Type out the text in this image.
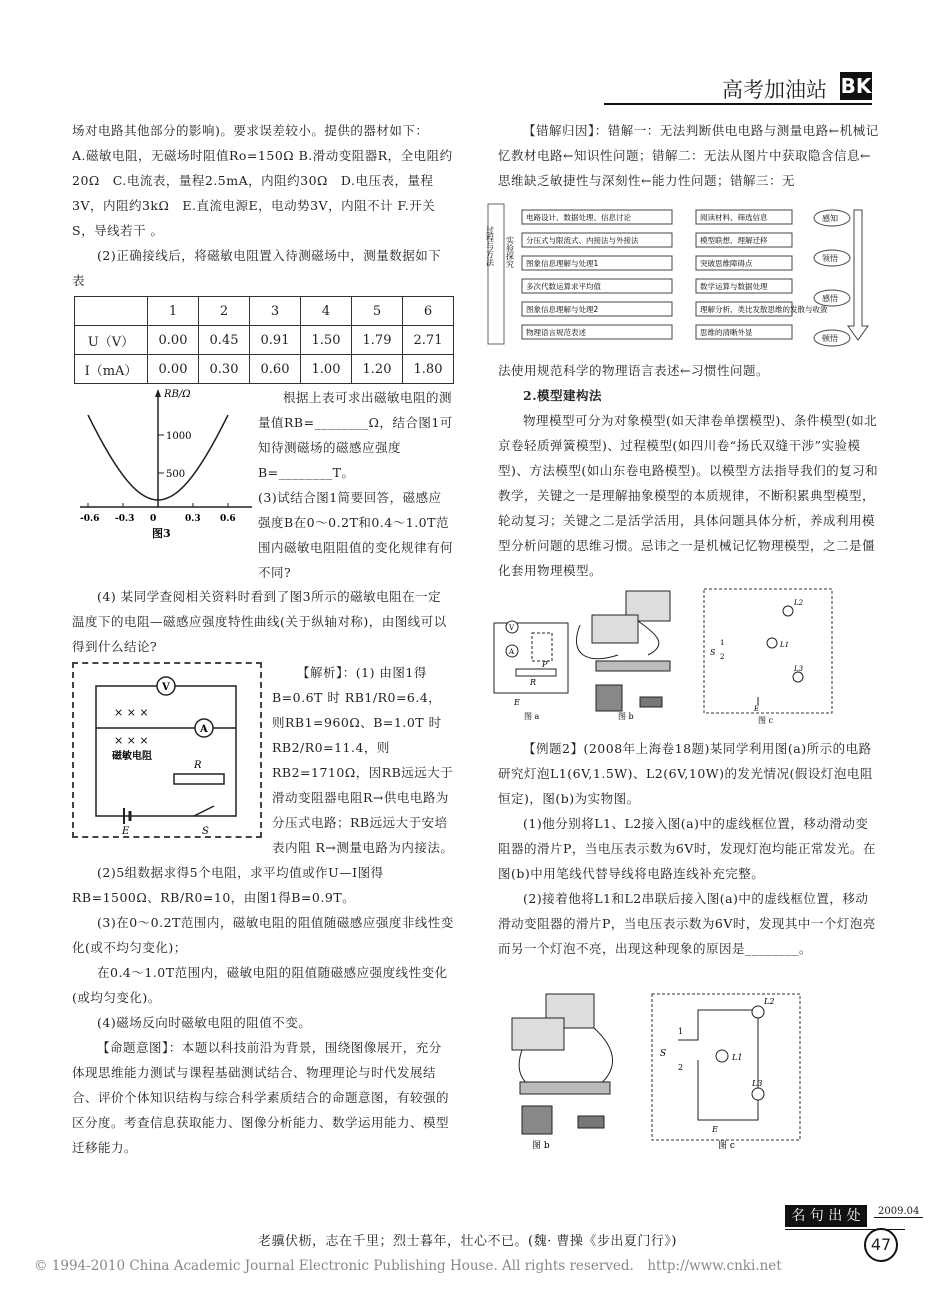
高考加油站 BK

场对电路其他部分的影响)。要求误差较小。提供的器材如下：

A.磁敏电阻，无磁场时阻值Ro=150Ω B.滑动变阻器R，全电阻约20Ω　C.电流表，量程2.5mA，内阻约30Ω　D.电压表，量程3V，内阻约3kΩ　E.直流电源E，电动势3V，内阻不计 F.开关S，导线若干 。

(2)正确接线后，将磁敏电阻置入待测磁场中，测量数据如下表

	1	2	3	4	5	6
U（V）	0.00	0.45	0.91	1.50	1.79	2.71
I（mA）	0.00	0.30	0.60	1.00	1.20	1.80
RB/Ω
1000
500
-0.6 -0.3 0	0.3 0.6
图3

根据上表可求出磁敏电阻的测量值RB=________Ω，结合图1可知待测磁场的磁感应强度B=________T。

(3)试结合图1简要回答，磁感应强度B在0～0.2T和0.4～1.0T范围内磁敏电阻阻值的变化规律有何不同?

(4) 某同学查阅相关资料时看到了图3所示的磁敏电阻在一定温度下的电阻—磁感应强度特性曲线(关于纵轴对称)，由图线可以得到什么结论?

V
A
× × ×
× × ×
磁敏电阻
R
E	S

【解析】：(1) 由图1得B=0.6T 时 RB1/R0=6.4，则RB1=960Ω、B=1.0T 时 RB2/R0=11.4，则RB2=1710Ω，因RB远远大于滑动变阻器电阻R→供电电路为分压式电路；RB远远大于安培表内阻 R→测量电路为内接法。

(2)5组数据求得5个电阻，求平均值或作U—I图得RB=1500Ω、RB/R0=10，由图1得B=0.9T。

(3)在0～0.2T范围内，磁敏电阻的阻值随磁感应强度非线性变化(或不均匀变化)；

在0.4～1.0T范围内，磁敏电阻的阻值随磁感应强度线性变化(或均匀变化)。

(4)磁场反向时磁敏电阻的阻值不变。

【命题意图】：本题以科技前沿为背景，围绕图像展开，充分体现思维能力测试与课程基础测试结合、物理理论与时代发展结合、评价个体知识结构与综合科学素质结合的命题意图，有较强的区分度。考查信息获取能力、图像分析能力、数学运用能力、模型迁移能力。

【错解归因】：错解一：无法判断供电电路与测量电路←机械记忆教材电路←知识性问题；错解二：无法从图片中获取隐含信息←思维缺乏敏捷性与深刻性←能力性问题；错解三：无

过程与方法 实验探究
电路设计、数据处理、信息讨论
分压式与限流式、内接法与外接法
图象信息理解与处理1
多次代数运算求平均值
图象信息理解与处理2
物理语言规范表述
阅读材料、筛选信息
模型联想、理解迁移
突破思维障碍点
数学运算与数据处理
理解分析、类比发散思维的发散与收敛
思维的清晰外显
感知
领悟
感悟
顿悟

法使用规范科学的物理语言表述←习惯性问题。

2.模型建构法

物理模型可分为对象模型(如天津卷单摆模型)、条件模型(如北京卷轻质弹簧模型)、过程模型(如四川卷“扬氏双缝干涉”实验模型)、方法模型(如山东卷电路模型)。以模型方法指导我们的复习和教学，关键之一是理解抽象模型的本质规律，不断积累典型模型，轮动复习；关键之二是活学活用，具体问题具体分析，养成利用模型分析问题的思维习惯。忌讳之一是机械记忆物理模型，之二是僵化套用物理模型。

V
A
P
R
E
图 a	图 b
L2
L1
L3
1
2
S
E
图 c

【例题2】(2008年上海卷18题)某同学利用图(a)所示的电路研究灯泡L1(6V,1.5W)、L2(6V,10W)的发光情况(假设灯泡电阻恒定)，图(b)为实物图。

(1)他分别将L1、L2接入图(a)中的虚线框位置，移动滑动变阻器的滑片P，当电压表示数为6V时，发现灯泡均能正常发光。在图(b)中用笔线代替导线将电路连线补充完整。

(2)接着他将L1和L2串联后接入图(a)中的虚线框位置，移动滑动变阻器的滑片P，当电压表示数为6V时，发现其中一个灯泡亮而另一个灯泡不亮，出现这种现象的原因是________。

图 b
L2
L1
L3
1
2
S
E
图 c
老骥伏枥，志在千里；烈士暮年，壮心不已。(魏· 曹操《步出夏门行》)
名 句 出 处	2009.04
47
© 1994-2010 China Academic Journal Electronic Publishing House. All rights reserved.　http://www.cnki.net
